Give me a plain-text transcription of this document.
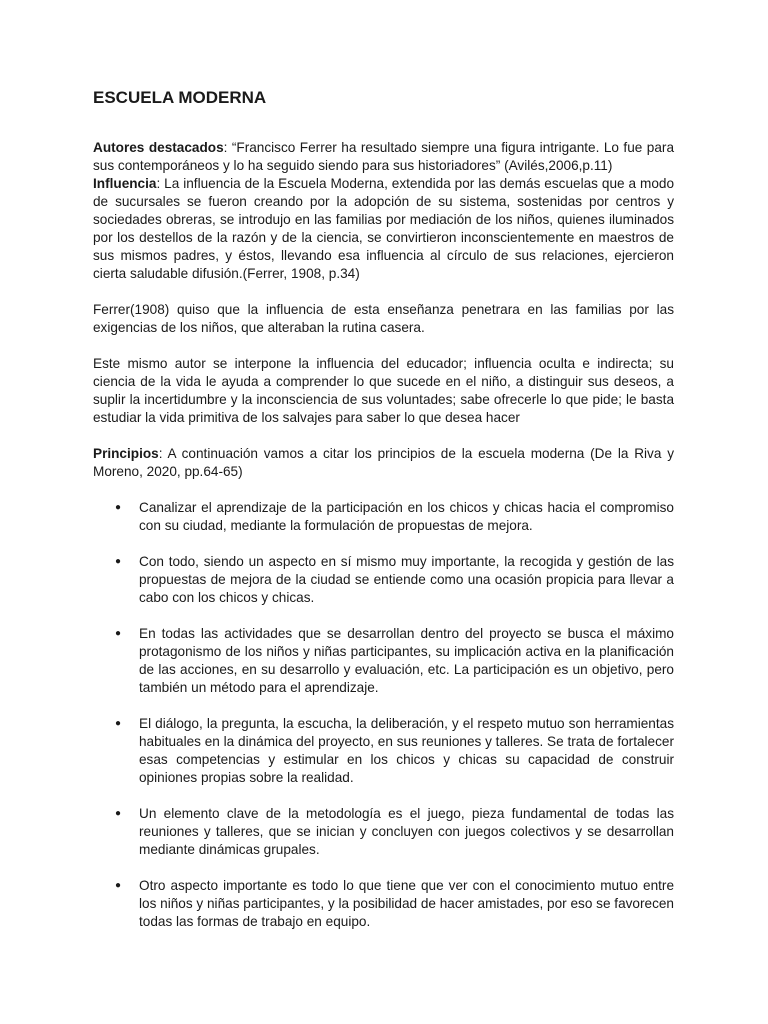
ESCUELA MODERNA

Autores destacados: “Francisco Ferrer ha resultado siempre una figura intrigante. Lo fue para sus contemporáneos y lo ha seguido siendo para sus historiadores” (Avilés,2006,p.11)

Influencia: La influencia de la Escuela Moderna, extendida por las demás escuelas que a modo de sucursales se fueron creando por la adopción de su sistema, sostenidas por centros y sociedades obreras, se introdujo en las familias por mediación de los niños, quienes iluminados por los destellos de la razón y de la ciencia, se convirtieron inconscientemente en maestros de sus mismos padres, y éstos, llevando esa influencia al círculo de sus relaciones, ejercieron cierta saludable difusión.(Ferrer, 1908, p.34)

Ferrer(1908) quiso que la influencia de esta enseñanza penetrara en las familias por las exigencias de los niños, que alteraban la rutina casera.

Este mismo autor se interpone la influencia del educador; influencia oculta e indirecta; su ciencia de la vida le ayuda a comprender lo que sucede en el niño, a distinguir sus deseos, a suplir la incertidumbre y la inconsciencia de sus voluntades; sabe ofrecerle lo que pide; le basta estudiar la vida primitiva de los salvajes para saber lo que desea hacer

Principios: A continuación vamos a citar los principios de la escuela moderna (De la Riva y Moreno, 2020, pp.64-65)

● Canalizar el aprendizaje de la participación en los chicos y chicas hacia el compromiso con su ciudad, mediante la formulación de propuestas de mejora.
● Con todo, siendo un aspecto en sí mismo muy importante, la recogida y gestión de las propuestas de mejora de la ciudad se entiende como una ocasión propicia para llevar a cabo con los chicos y chicas.
● En todas las actividades que se desarrollan dentro del proyecto se busca el máximo protagonismo de los niños y niñas participantes, su implicación activa en la planificación de las acciones, en su desarrollo y evaluación, etc. La participación es un objetivo, pero también un método para el aprendizaje.
● El diálogo, la pregunta, la escucha, la deliberación, y el respeto mutuo son herramientas habituales en la dinámica del proyecto, en sus reuniones y talleres. Se trata de fortalecer esas competencias y estimular en los chicos y chicas su capacidad de construir opiniones propias sobre la realidad.
● Un elemento clave de la metodología es el juego, pieza fundamental de todas las reuniones y talleres, que se inician y concluyen con juegos colectivos y se desarrollan mediante dinámicas grupales.
● Otro aspecto importante es todo lo que tiene que ver con el conocimiento mutuo entre los niños y niñas participantes, y la posibilidad de hacer amistades, por eso se favorecen todas las formas de trabajo en equipo.
